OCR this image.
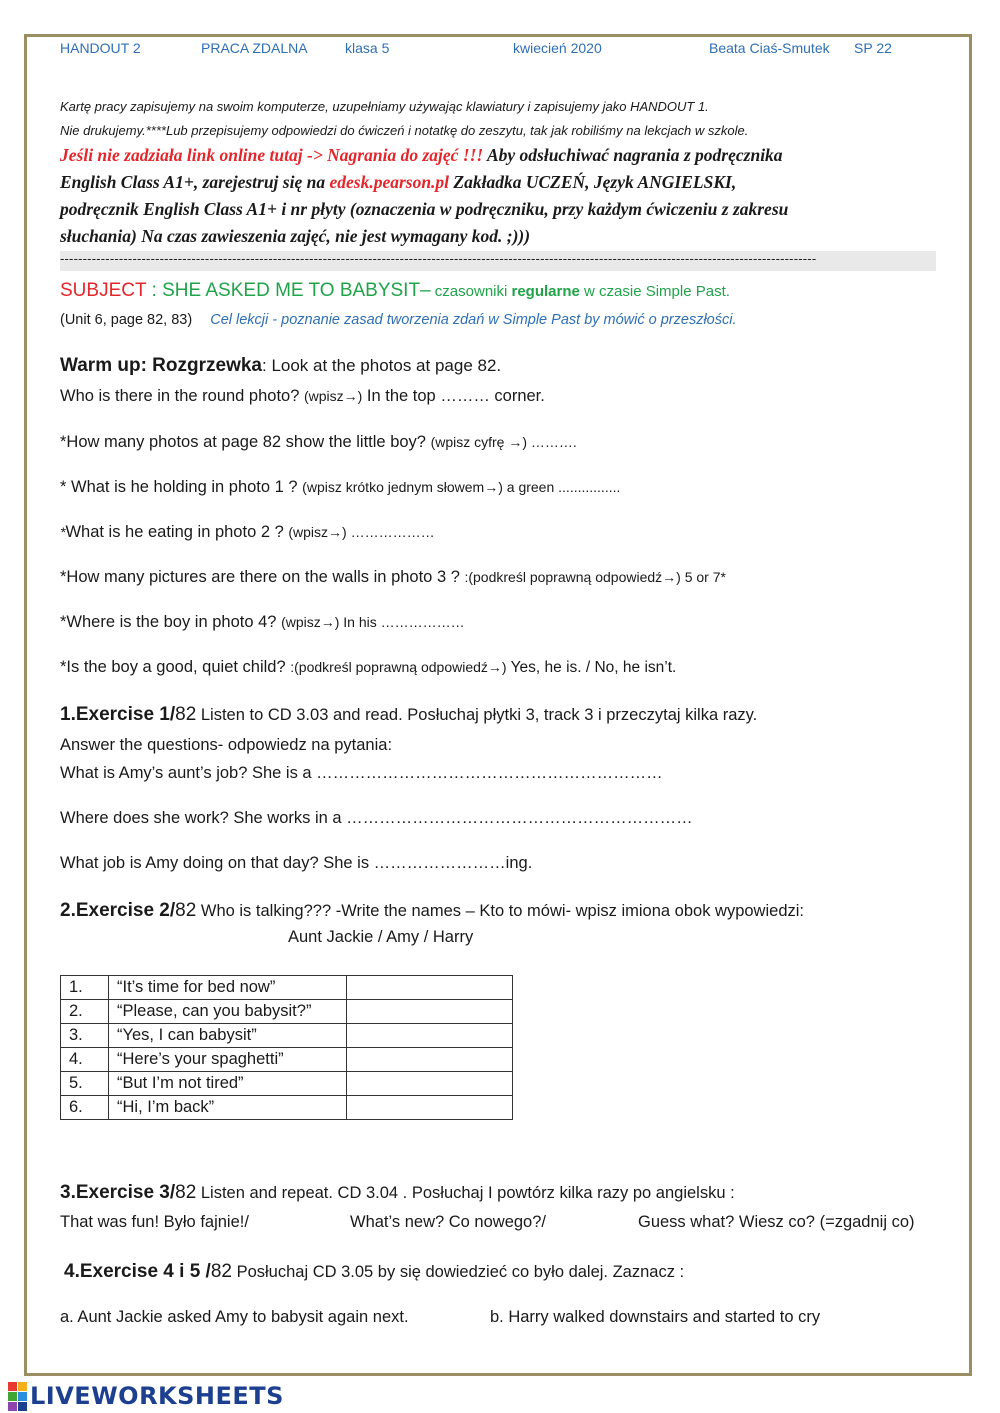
HANDOUT 2	PRACA ZDALNA	klasa 5	kwiecień 2020	Beata Ciaś-Smutek SP 22
Kartę pracy zapisujemy na swoim komputerze, uzupełniamy używając klawiatury i zapisujemy jako HANDOUT 1.
Nie drukujemy.****Lub przepisujemy odpowiedzi do ćwiczeń i notatkę do zeszytu, tak jak robiliśmy na lekcjach w szkole.
Jeśli nie zadziała link online tutaj -> Nagrania do zajęć !!! Aby odsłuchiwać nagrania z podręcznika
English Class A1+, zarejestruj się na edesk.pearson.pl Zakładka UCZEŃ, Język ANGIELSKI,
podręcznik English Class A1+ i nr płyty (oznaczenia w podręczniku, przy każdym ćwiczeniu z zakresu
słuchania) Na czas zawieszenia zajęć, nie jest wymagany kod. ;)))
-----------------------------------------------------------------------------------------------------------------------------------------------------------------------
SUBJECT : SHE ASKED ME TO BABYSIT– czasowniki regularne w czasie Simple Past.
(Unit 6, page 82, 83) Cel lekcji - poznanie zasad tworzenia zdań w Simple Past by mówić o przeszłości.
Warm up: Rozgrzewka: Look at the photos at page 82.
Who is there in the round photo? (wpisz→) In the top ……… corner.
*How many photos at page 82 show the little boy? (wpisz cyfrę →) ……….
* What is he holding in photo 1 ? (wpisz krótko jednym słowem→) a green ................
*What is he eating in photo 2 ? (wpisz→) ………………
*How many pictures are there on the walls in photo 3 ? :(podkreśl poprawną odpowiedź→) 5 or 7*
*Where is the boy in photo 4? (wpisz→) In his ………………
*Is the boy a good, quiet child? :(podkreśl poprawną odpowiedź→) Yes, he is. / No, he isn’t.
1.Exercise 1/82 Listen to CD 3.03 and read. Posłuchaj płytki 3, track 3 i przeczytaj kilka razy.
Answer the questions- odpowiedz na pytania:
What is Amy’s aunt’s job? She is a ………………………………………………………
Where does she work? She works in a ………………………………………………………
What job is Amy doing on that day? She is ……………………ing.
2.Exercise 2/82 Who is talking??? -Write the names – Kto to mówi- wpisz imiona obok wypowiedzi:
Aunt Jackie / Amy / Harry
1.	“It’s time for bed now”	
2.	“Please, can you babysit?”	
3.	“Yes, I can babysit”	
4.	“Here’s your spaghetti”	
5.	“But I’m not tired”	
6.	“Hi, I’m back”	
3.Exercise 3/82 Listen and repeat. CD 3.04 . Posłuchaj I powtórz kilka razy po angielsku :
That was fun! Było fajnie!/	What’s new? Co nowego?/	Guess what? Wiesz co? (=zgadnij co)
4.Exercise 4 i 5 /82 Posłuchaj CD 3.05 by się dowiedzieć co było dalej. Zaznacz :
a. Aunt Jackie asked Amy to babysit again next.	b. Harry walked downstairs and started to cry
LIVEWORKSHEETS
